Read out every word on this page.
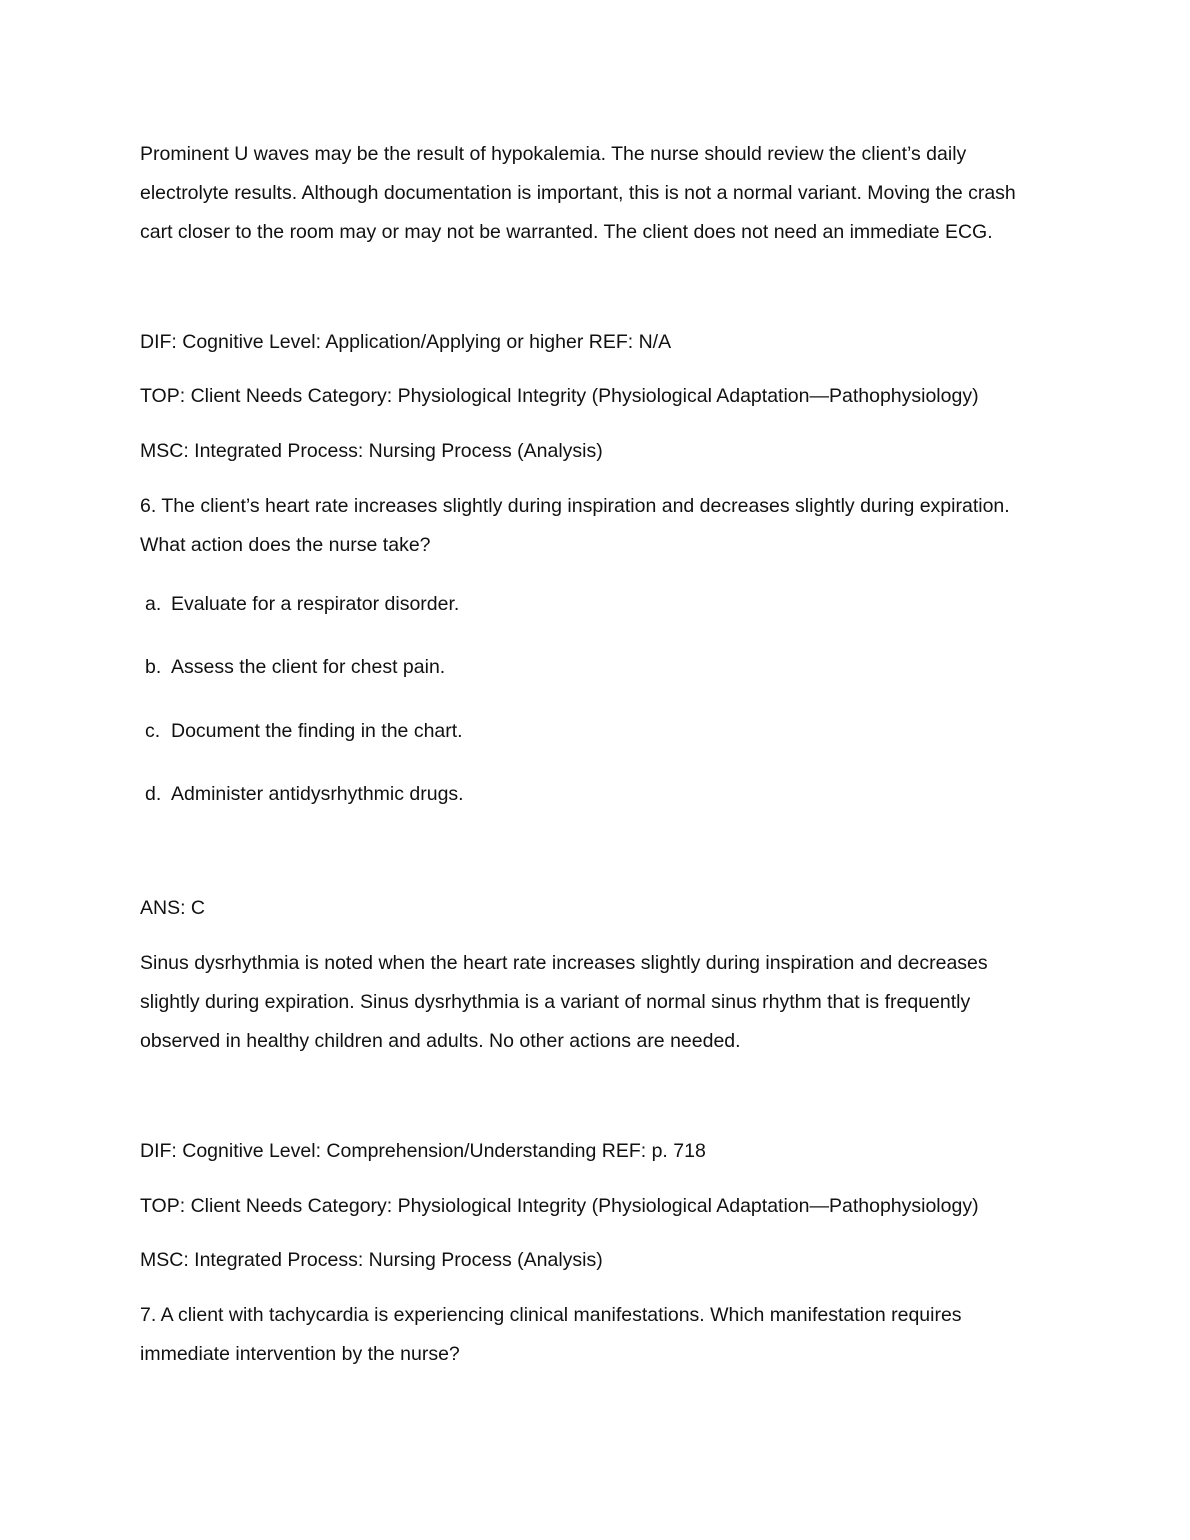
Prominent U waves may be the result of hypokalemia. The nurse should review the client’s daily
electrolyte results. Although documentation is important, this is not a normal variant. Moving the crash
cart closer to the room may or may not be warranted. The client does not need an immediate ECG.
DIF: Cognitive Level: Application/Applying or higher REF: N/A
TOP: Client Needs Category: Physiological Integrity (Physiological Adaptation—Pathophysiology)
MSC: Integrated Process: Nursing Process (Analysis)
6. The client’s heart rate increases slightly during inspiration and decreases slightly during expiration.
What action does the nurse take?
a. Evaluate for a respirator disorder.
b. Assess the client for chest pain.
c. Document the finding in the chart.
d. Administer antidysrhythmic drugs.
ANS: C
Sinus dysrhythmia is noted when the heart rate increases slightly during inspiration and decreases
slightly during expiration. Sinus dysrhythmia is a variant of normal sinus rhythm that is frequently
observed in healthy children and adults. No other actions are needed.
DIF: Cognitive Level: Comprehension/Understanding REF: p. 718
TOP: Client Needs Category: Physiological Integrity (Physiological Adaptation—Pathophysiology)
MSC: Integrated Process: Nursing Process (Analysis)
7. A client with tachycardia is experiencing clinical manifestations. Which manifestation requires
immediate intervention by the nurse?
